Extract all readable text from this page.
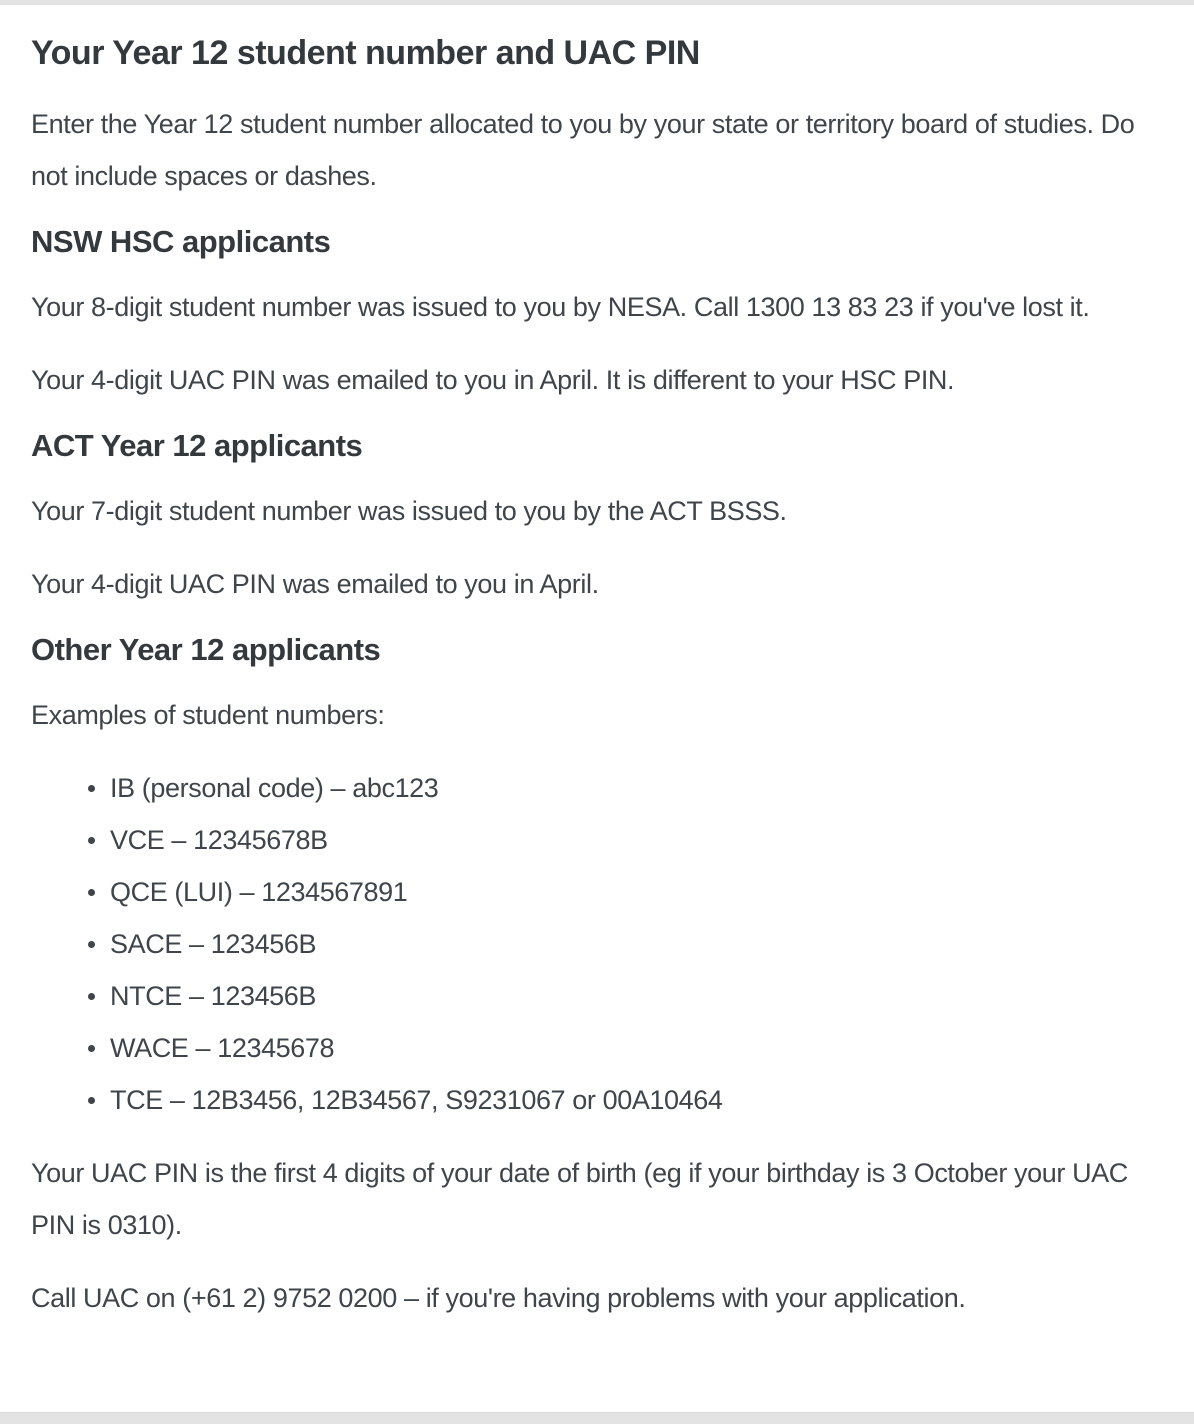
Your Year 12 student number and UAC PIN

Enter the Year 12 student number allocated to you by your state or territory board of studies. Do not include spaces or dashes.

NSW HSC applicants

Your 8-digit student number was issued to you by NESA. Call 1300 13 83 23 if you've lost it.

Your 4-digit UAC PIN was emailed to you in April. It is different to your HSC PIN.

ACT Year 12 applicants

Your 7-digit student number was issued to you by the ACT BSSS.

Your 4-digit UAC PIN was emailed to you in April.

Other Year 12 applicants

Examples of student numbers:

IB (personal code) – abc123
VCE – 12345678B
QCE (LUI) – 1234567891
SACE – 123456B
NTCE – 123456B
WACE – 12345678
TCE – 12B3456, 12B34567, S9231067 or 00A10464

Your UAC PIN is the first 4 digits of your date of birth (eg if your birthday is 3 October your UAC PIN is 0310).

Call UAC on (+61 2) 9752 0200 – if you're having problems with your application.
